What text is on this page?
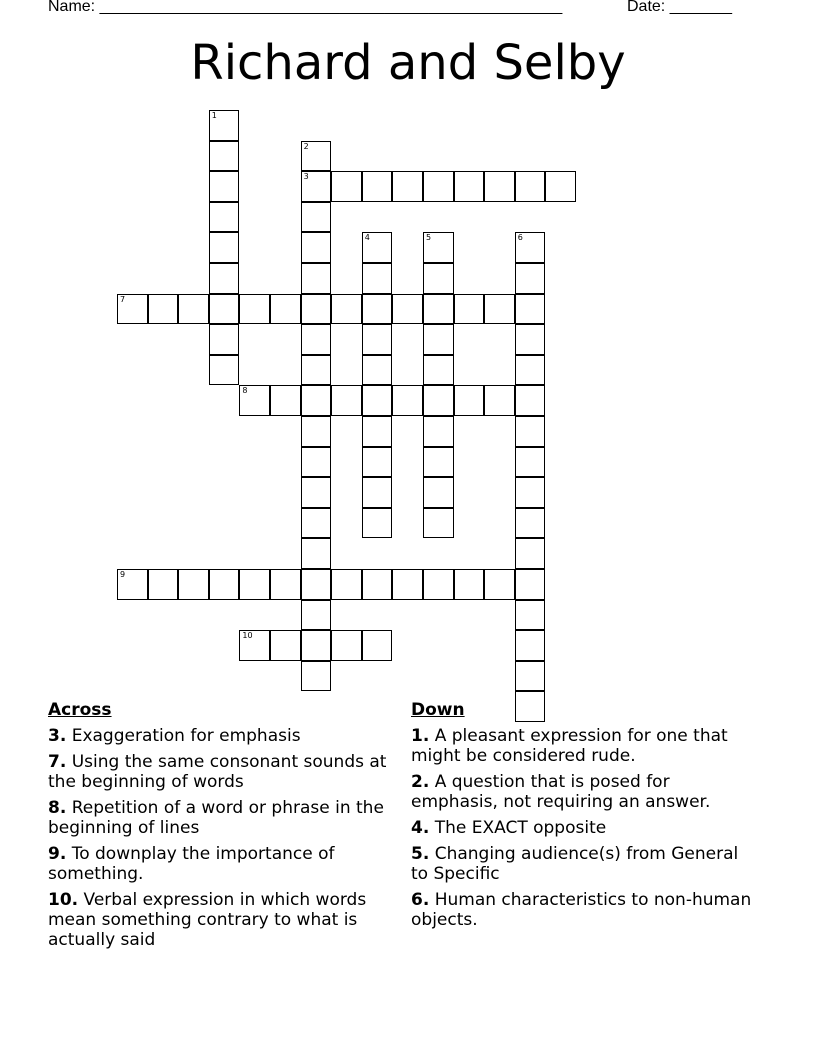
Name: ____________________________________________________	Date: _______
Richard and Selby
1
2
3
4	5	6
7
8
9
10
Across
3. Exaggeration for emphasis
7. Using the same consonant sounds at the beginning of words
8. Repetition of a word or phrase in the beginning of lines
9. To downplay the importance of something.
10. Verbal expression in which words mean something contrary to what is actually said
Down
1. A pleasant expression for one that might be considered rude.
2. A question that is posed for emphasis, not requiring an answer.
4. The EXACT opposite
5. Changing audience(s) from General to Specific
6. Human characteristics to non-human objects.
